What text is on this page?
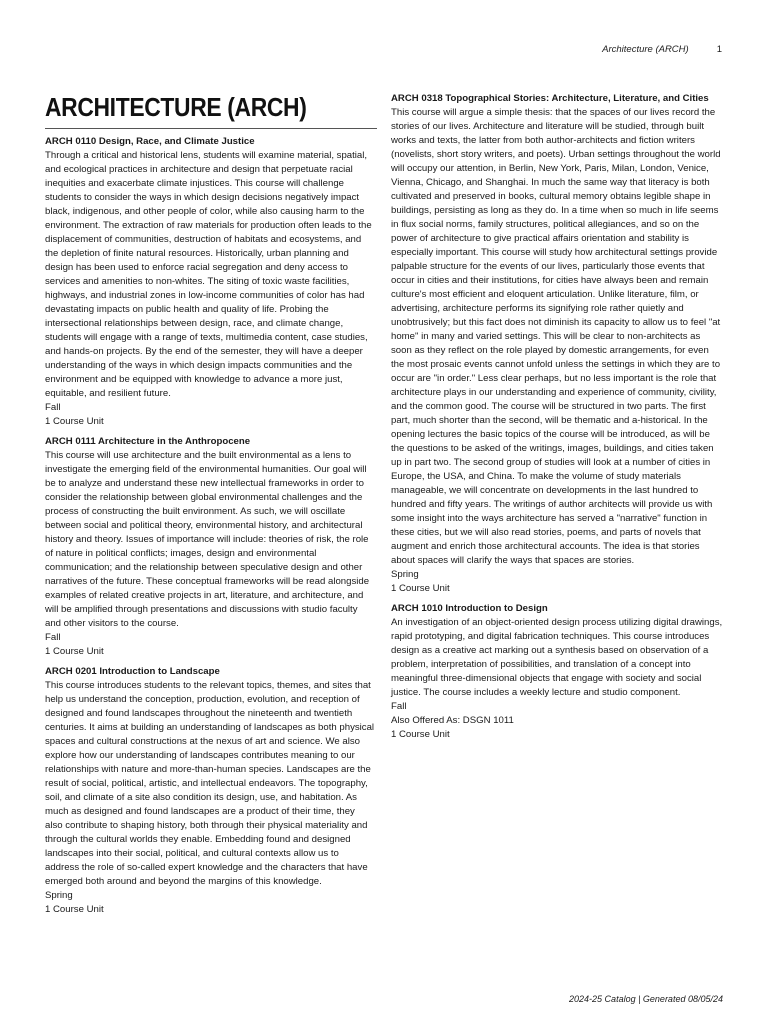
Architecture (ARCH)	1
ARCHITECTURE (ARCH)
ARCH 0110 Design, Race, and Climate Justice
Through a critical and historical lens, students will examine material, spatial, and ecological practices in architecture and design that perpetuate racial inequities and exacerbate climate injustices. This course will challenge students to consider the ways in which design decisions negatively impact black, indigenous, and other people of color, while also causing harm to the environment. The extraction of raw materials for production often leads to the displacement of communities, destruction of habitats and ecosystems, and the depletion of finite natural resources. Historically, urban planning and design has been used to enforce racial segregation and deny access to services and amenities to non-whites. The siting of toxic waste facilities, highways, and industrial zones in low-income communities of color has had devastating impacts on public health and quality of life. Probing the intersectional relationships between design, race, and climate change, students will engage with a range of texts, multimedia content, case studies, and hands-on projects. By the end of the semester, they will have a deeper understanding of the ways in which design impacts communities and the environment and be equipped with knowledge to advance a more just, equitable, and resilient future.
Fall
1 Course Unit
ARCH 0111 Architecture in the Anthropocene
This course will use architecture and the built environmental as a lens to investigate the emerging field of the environmental humanities. Our goal will be to analyze and understand these new intellectual frameworks in order to consider the relationship between global environmental challenges and the process of constructing the built environment. As such, we will oscillate between social and political theory, environmental history, and architectural history and theory. Issues of importance will include: theories of risk, the role of nature in political conflicts; images, design and environmental communication; and the relationship between speculative design and other narratives of the future. These conceptual frameworks will be read alongside examples of related creative projects in art, literature, and architecture, and will be amplified through presentations and discussions with studio faculty and other visitors to the course.
Fall
1 Course Unit
ARCH 0201 Introduction to Landscape
This course introduces students to the relevant topics, themes, and sites that help us understand the conception, production, evolution, and reception of designed and found landscapes throughout the nineteenth and twentieth centuries. It aims at building an understanding of landscapes as both physical spaces and cultural constructions at the nexus of art and science. We also explore how our understanding of landscapes contributes meaning to our relationships with nature and more-than-human species. Landscapes are the result of social, political, artistic, and intellectual endeavors. The topography, soil, and climate of a site also condition its design, use, and habitation. As much as designed and found landscapes are a product of their time, they also contribute to shaping history, both through their physical materiality and through the cultural worlds they enable. Embedding found and designed landscapes into their social, political, and cultural contexts allow us to address the role of so-called expert knowledge and the characters that have emerged both around and beyond the margins of this knowledge.
Spring
1 Course Unit
ARCH 0318 Topographical Stories: Architecture, Literature, and Cities
This course will argue a simple thesis: that the spaces of our lives record the stories of our lives. Architecture and literature will be studied, through built works and texts, the latter from both author-architects and fiction writers (novelists, short story writers, and poets). Urban settings throughout the world will occupy our attention, in Berlin, New York, Paris, Milan, London, Venice, Vienna, Chicago, and Shanghai. In much the same way that literacy is both cultivated and preserved in books, cultural memory obtains legible shape in buildings, persisting as long as they do. In a time when so much in life seems in flux social norms, family structures, political allegiances, and so on the power of architecture to give practical affairs orientation and stability is especially important. This course will study how architectural settings provide palpable structure for the events of our lives, particularly those events that occur in cities and their institutions, for cities have always been and remain culture's most efficient and eloquent articulation. Unlike literature, film, or advertising, architecture performs its signifying role rather quietly and unobtrusively; but this fact does not diminish its capacity to allow us to feel "at home" in many and varied settings. This will be clear to non-architects as soon as they reflect on the role played by domestic arrangements, for even the most prosaic events cannot unfold unless the settings in which they are to occur are "in order." Less clear perhaps, but no less important is the role that architecture plays in our understanding and experience of community, civility, and the common good. The course will be structured in two parts. The first part, much shorter than the second, will be thematic and a-historical. In the opening lectures the basic topics of the course will be introduced, as will be the questions to be asked of the writings, images, buildings, and cities taken up in part two. The second group of studies will look at a number of cities in Europe, the USA, and China. To make the volume of study materials manageable, we will concentrate on developments in the last hundred to hundred and fifty years. The writings of author architects will provide us with some insight into the ways architecture has served a "narrative" function in these cities, but we will also read stories, poems, and parts of novels that augment and enrich those architectural accounts. The idea is that stories about spaces will clarify the ways that spaces are stories.
Spring
1 Course Unit
ARCH 1010 Introduction to Design
An investigation of an object-oriented design process utilizing digital drawings, rapid prototyping, and digital fabrication techniques. This course introduces design as a creative act marking out a synthesis based on observation of a problem, interpretation of possibilities, and translation of a concept into meaningful three-dimensional objects that engage with society and social justice. The course includes a weekly lecture and studio component.
Fall
Also Offered As: DSGN 1011
1 Course Unit
2024-25 Catalog | Generated 08/05/24
